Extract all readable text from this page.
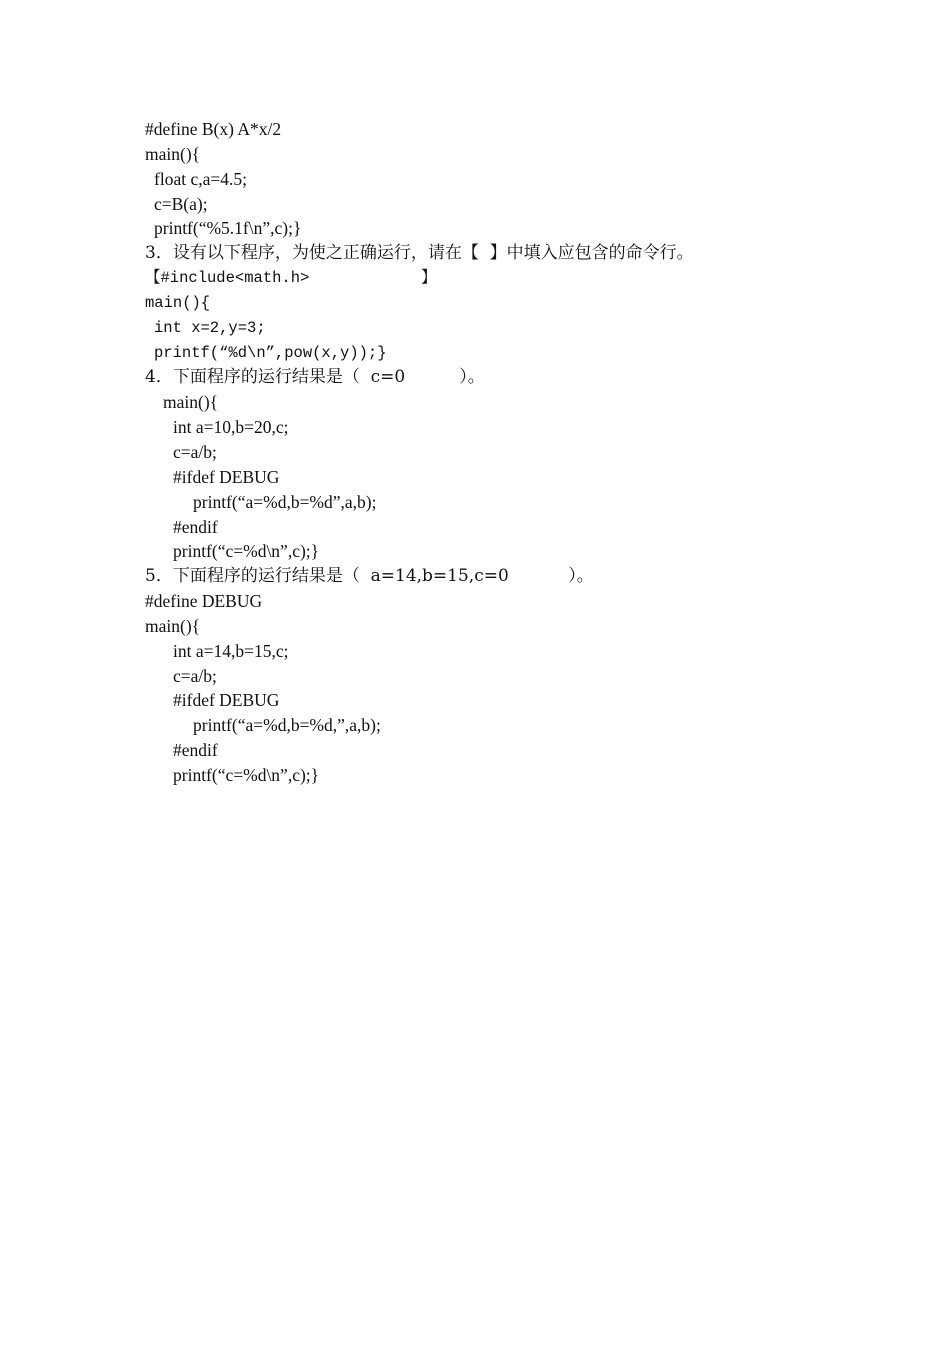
#define B(x) A*x/2
main(){
float c,a=4.5;
c=B(a);
printf(“%5.1f\n”,c);}
3．设有以下程序，为使之正确运行，请在【  】中填入应包含的命令行。
【#include<math.h>            】
main(){
int x=2,y=3;
printf(“%d\n”,pow(x,y));}
4．下面程序的运行结果是（  c=0          ）。
main(){
int a=10,b=20,c;
c=a/b;
#ifdef DEBUG
printf(“a=%d,b=%d”,a,b);
#endif
printf(“c=%d\n”,c);}
5．下面程序的运行结果是（  a=14,b=15,c=0           ）。
#define DEBUG
main(){
int a=14,b=15,c;
c=a/b;
#ifdef DEBUG
printf(“a=%d,b=%d,”,a,b);
#endif
printf(“c=%d\n”,c);}
